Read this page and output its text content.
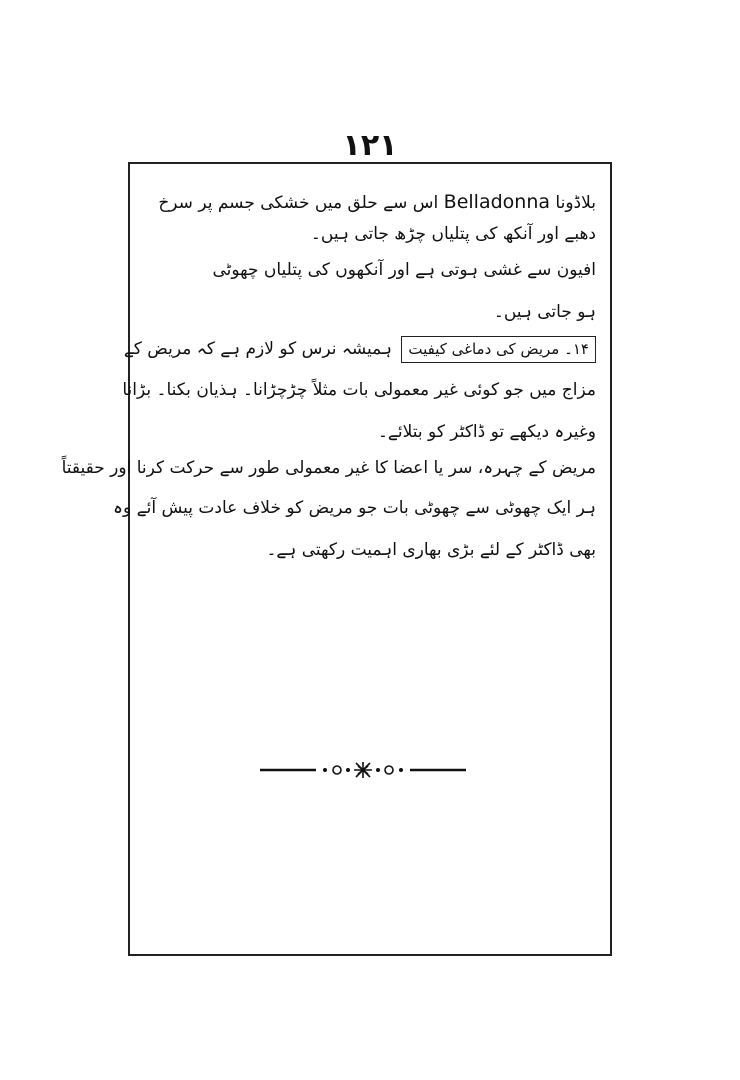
۱۲۱
بلاڈونا Belladonna اس سے حلق میں خشکی جسم پر سرخ
دھبے اور آنکھ کی پتلیاں چڑھ جاتی ہیں۔
افیون سے غشی ہوتی ہے اور آنکھوں کی پتلیاں چھوٹی
ہو جاتی ہیں۔
۱۴۔ مریض کی دماغی کیفیت ہمیشہ نرس کو لازم ہے کہ مریض کے
مزاج میں جو کوئی غیر معمولی بات مثلاً چڑچڑانا۔ ہذیان بکنا۔ بڑانا
وغیرہ دیکھے تو ڈاکٹر کو بتلائے۔
مریض کے چہرہ، سر یا اعضا کا غیر معمولی طور سے حرکت کرنا اور حقیقتاً
ہر ایک چھوٹی سے چھوٹی بات جو مریض کو خلاف عادت پیش آئے وہ
بھی ڈاکٹر کے لئے بڑی بھاری اہمیت رکھتی ہے۔
